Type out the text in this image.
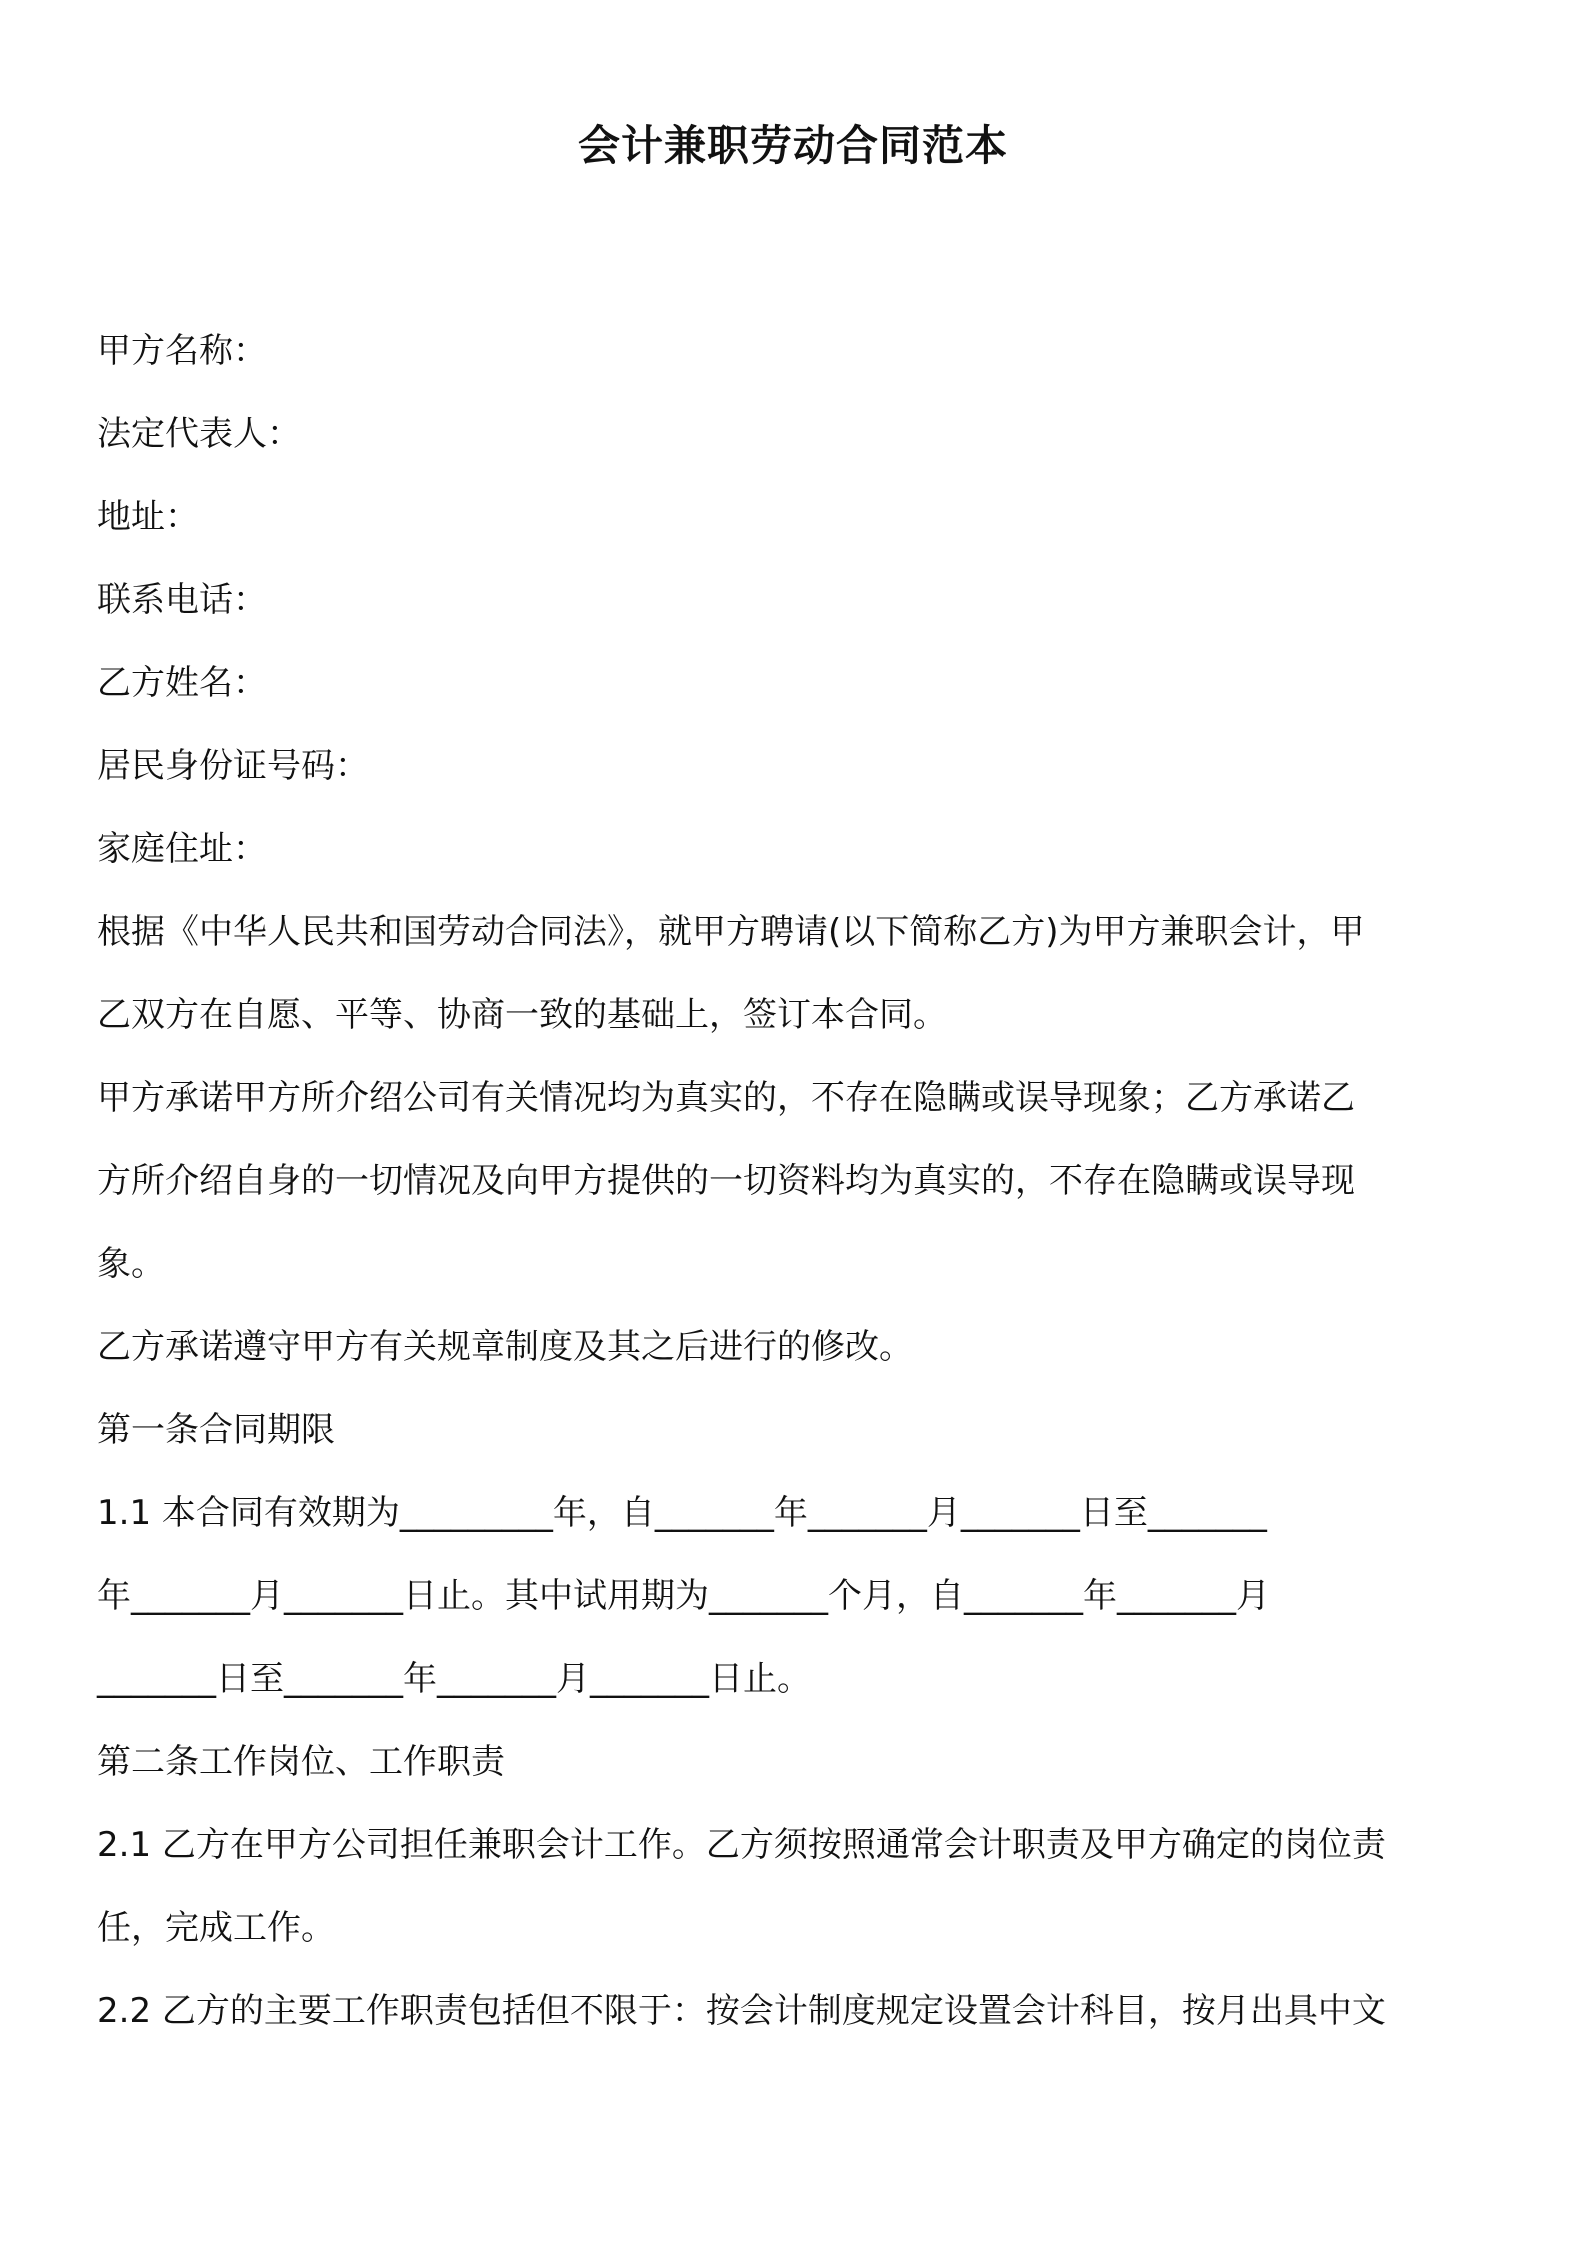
会计兼职劳动合同范本
甲方名称：
法定代表人：
地址：
联系电话：
乙方姓名：
居民身份证号码：
家庭住址：
根据《中华人民共和国劳动合同法》，就甲方聘请(以下简称乙方)为甲方兼职会计，甲
乙双方在自愿、平等、协商一致的基础上，签订本合同。
甲方承诺甲方所介绍公司有关情况均为真实的，不存在隐瞒或误导现象；乙方承诺乙
方所介绍自身的一切情况及向甲方提供的一切资料均为真实的，不存在隐瞒或误导现
象。
乙方承诺遵守甲方有关规章制度及其之后进行的修改。
第一条合同期限
1.1 本合同有效期为_________年，自_______年_______月_______日至_______
年_______月_______日止。其中试用期为_______个月，自_______年_______月
_______日至_______年_______月_______日止。
第二条工作岗位、工作职责
2.1 乙方在甲方公司担任兼职会计工作。乙方须按照通常会计职责及甲方确定的岗位责
任，完成工作。
2.2 乙方的主要工作职责包括但不限于：按会计制度规定设置会计科目，按月出具中文
